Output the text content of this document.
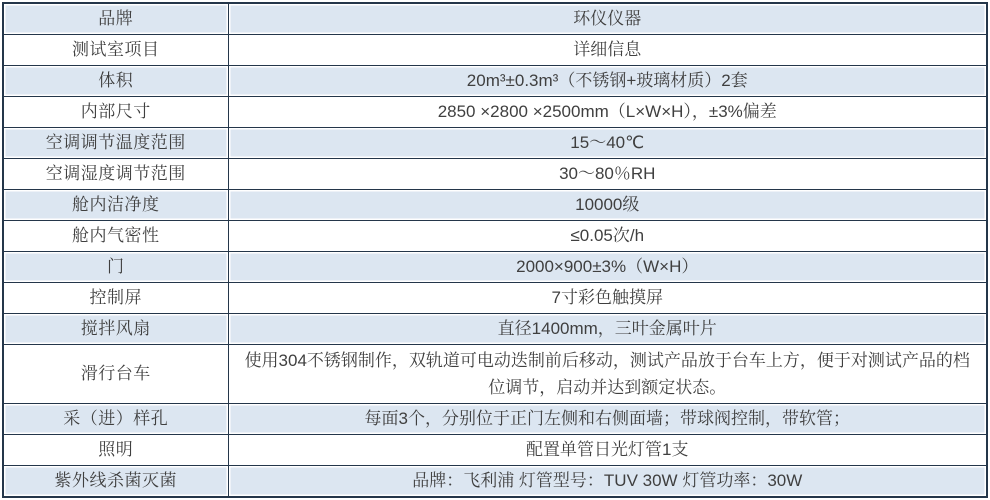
品牌	环仪仪器
测试室项目	详细信息
体积	20m³±0.3m³（不锈钢+玻璃材质）2套
内部尺寸	2850 ×2800 ×2500mm（L×W×H），±3%偏差
空调调节温度范围	15～40℃
空调湿度调节范围	30～80％RH
舱内洁净度	10000级
舱内气密性	≤0.05次/h
门	2000×900±3%（W×H）
控制屏	7寸彩色触摸屏
搅拌风扇	直径1400mm，三叶金属叶片
滑行台车	使用304不锈钢制作，双轨道可电动迭制前后移动，测试产品放于台车上方，便于对测试产品的档位调节，启动并达到额定状态。
采（进）样孔	每面3个，分别位于正门左侧和右侧面墙；带球阀控制，带软管；
照明	配置单管日光灯管1支
紫外线杀菌灭菌	品牌：飞利浦 灯管型号：TUV 30W 灯管功率：30W
